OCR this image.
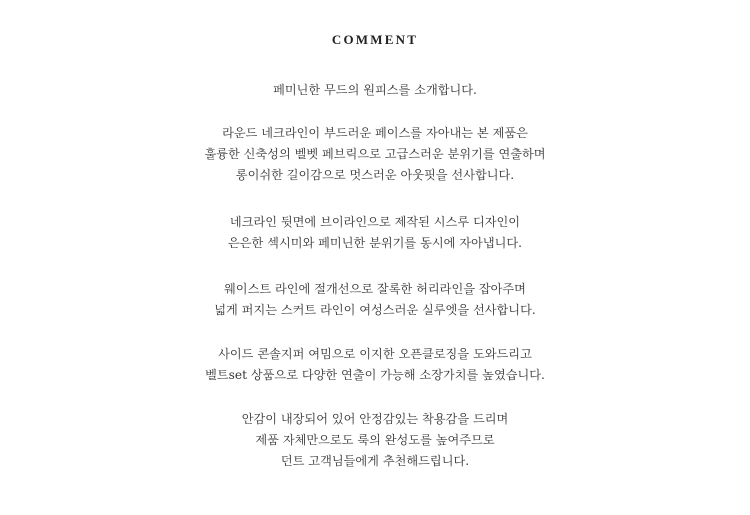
COMMENT
페미닌한 무드의 원피스를 소개합니다.
라운드 네크라인이 부드러운 페이스를 자아내는 본 제품은
훌륭한 신축성의 벨벳 페브릭으로 고급스러운 분위기를 연출하며
롱이쉬한 길이감으로 멋스러운 아웃핏을 선사합니다.
네크라인 뒷면에 브이라인으로 제작된 시스루 디자인이
은은한 섹시미와 페미닌한 분위기를 동시에 자아냅니다.
웨이스트 라인에 절개선으로 잘록한 허리라인을 잡아주며
넓게 퍼지는 스커트 라인이 여성스러운 실루엣을 선사합니다.
사이드 콘솔지퍼 여밈으로 이지한 오픈클로징을 도와드리고
벨트set 상품으로 다양한 연출이 가능해 소장가치를 높였습니다.
안감이 내장되어 있어 안정감있는 착용감을 드리며
제품 자체만으로도 룩의 완성도를 높여주므로
던트 고객님들에게 추천해드립니다.
